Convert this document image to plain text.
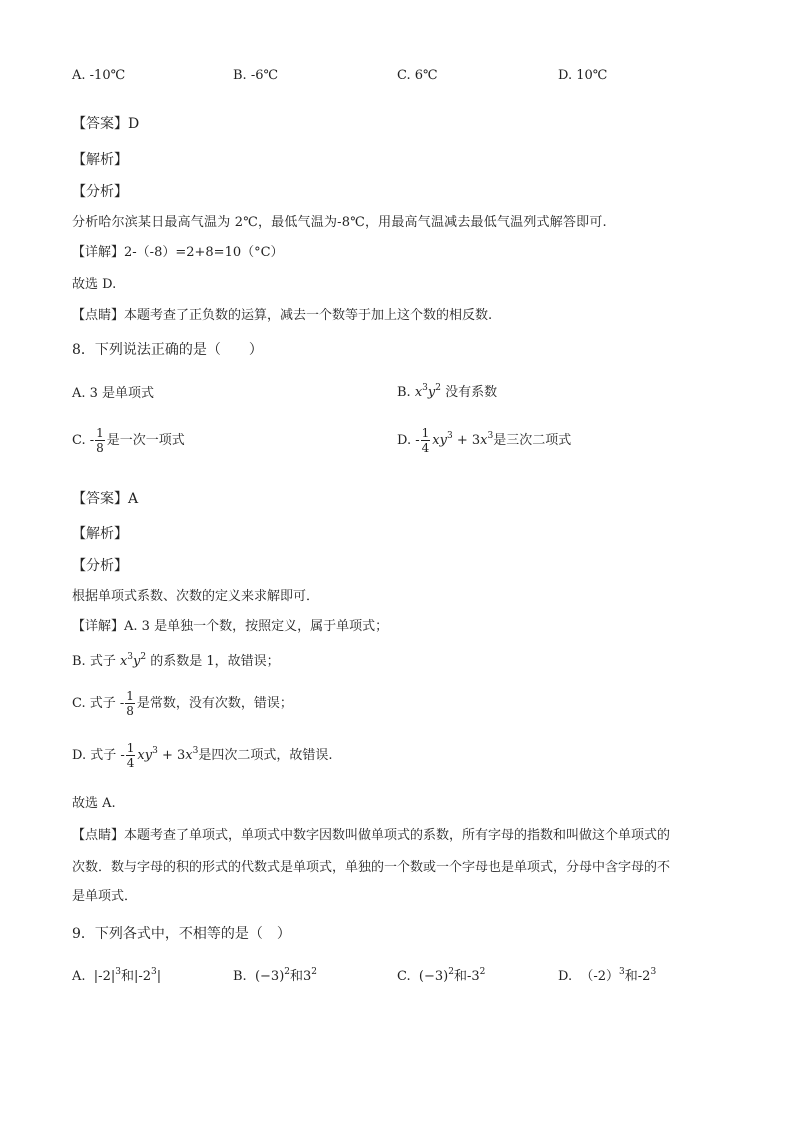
A. -10℃	B. -6℃	C. 6℃	D. 10℃
【答案】D
【解析】
【分析】
分析哈尔滨某日最高气温为 2℃，最低气温为-8℃，用最高气温减去最低气温列式解答即可.
【详解】2-（-8）=2+8=10（°C）
故选 D.
【点睛】本题考查了正负数的运算，减去一个数等于加上这个数的相反数.
8．下列说法正确的是（　　）
A. 3 是单项式	B. $x^3y^2$ 没有系数
C. - $\frac{1}{8}$ 是一次一项式	D. - $\frac{1}{4} xy^3 + 3x^3$是三次二项式
【答案】A
【解析】
【分析】
根据单项式系数、次数的定义来求解即可．
【详解】A. 3 是单独一个数，按照定义，属于单项式；
B. 式子 $x^3y^2$ 的系数是 1，故错误；
C. 式子 - $\frac{1}{8}$ 是常数，没有次数，错误；
D. 式子 - $\frac{1}{4} xy^3 + 3x^3$是四次二项式，故错误.
故选 A.
【点睛】本题考查了单项式，单项式中数字因数叫做单项式的系数，所有字母的指数和叫做这个单项式的
次数．数与字母的积的形式的代数式是单项式，单独的一个数或一个字母也是单项式，分母中含字母的不
是单项式．
9．下列各式中，不相等的是（　）
A.  $|-2|^3$和$|-2^3|$	B.  $(-3)^2$和$3^2$	C.  $(-3)^2$和$-3^2$	D.  $(-2)^3$和$-2^3$
